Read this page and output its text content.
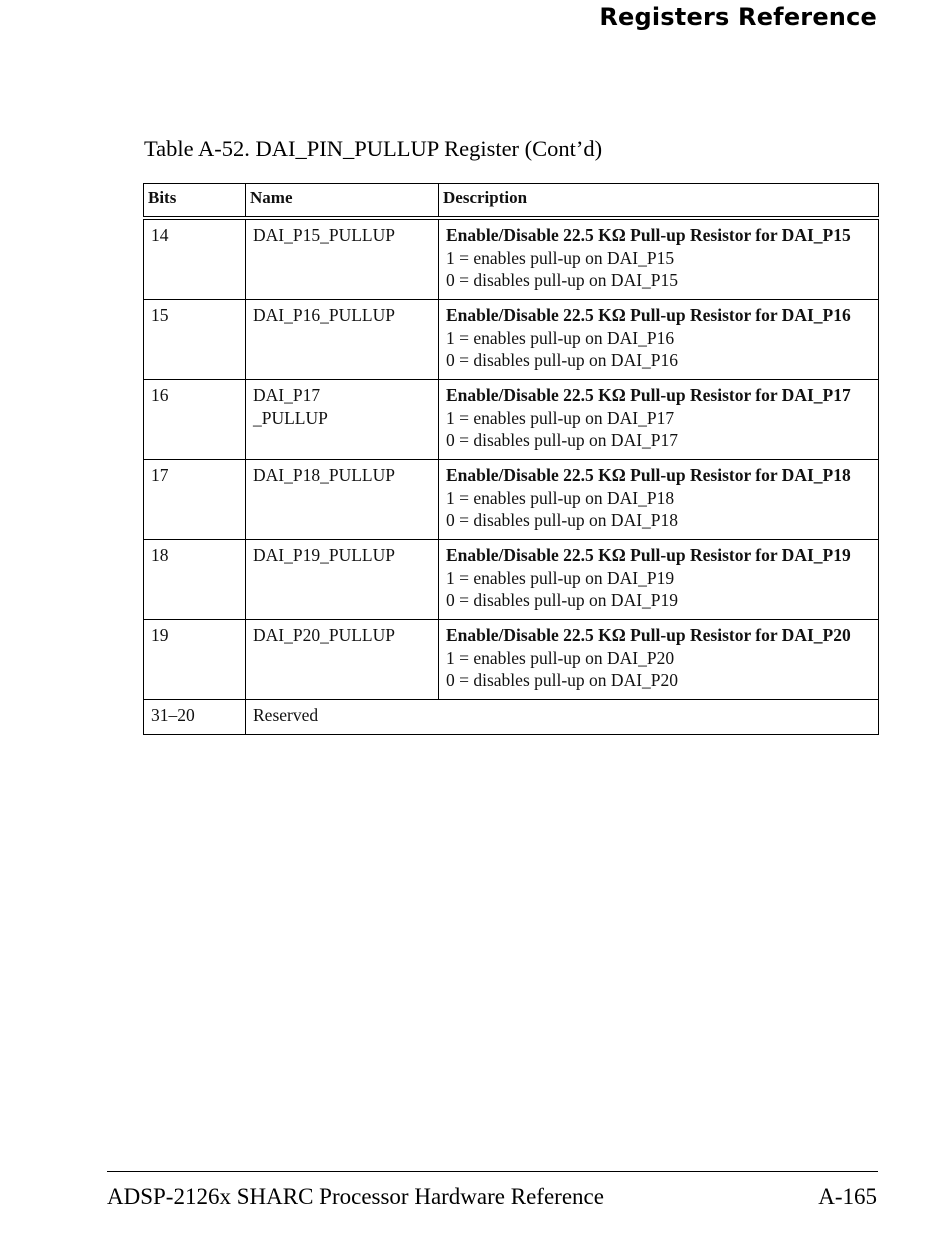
Registers Reference
Table A-52. DAI_PIN_PULLUP Register (Cont’d)
Bits	Name	Description
14	DAI_P15_PULLUP	Enable/Disable 22.5 KΩ Pull-up Resistor for DAI_P15
1 = enables pull-up on DAI_P15
0 = disables pull-up on DAI_P15

15	DAI_P16_PULLUP	Enable/Disable 22.5 KΩ Pull-up Resistor for DAI_P16
1 = enables pull-up on DAI_P16
0 = disables pull-up on DAI_P16

16	DAI_P17 _PULLUP	Enable/Disable 22.5 KΩ Pull-up Resistor for DAI_P17
1 = enables pull-up on DAI_P17
0 = disables pull-up on DAI_P17

17	DAI_P18_PULLUP	Enable/Disable 22.5 KΩ Pull-up Resistor for DAI_P18
1 = enables pull-up on DAI_P18
0 = disables pull-up on DAI_P18

18	DAI_P19_PULLUP	Enable/Disable 22.5 KΩ Pull-up Resistor for DAI_P19
1 = enables pull-up on DAI_P19
0 = disables pull-up on DAI_P19

19	DAI_P20_PULLUP	Enable/Disable 22.5 KΩ Pull-up Resistor for DAI_P20
1 = enables pull-up on DAI_P20
0 = disables pull-up on DAI_P20

31–20	Reserved	
ADSP-2126x SHARC Processor Hardware Reference	A-165
